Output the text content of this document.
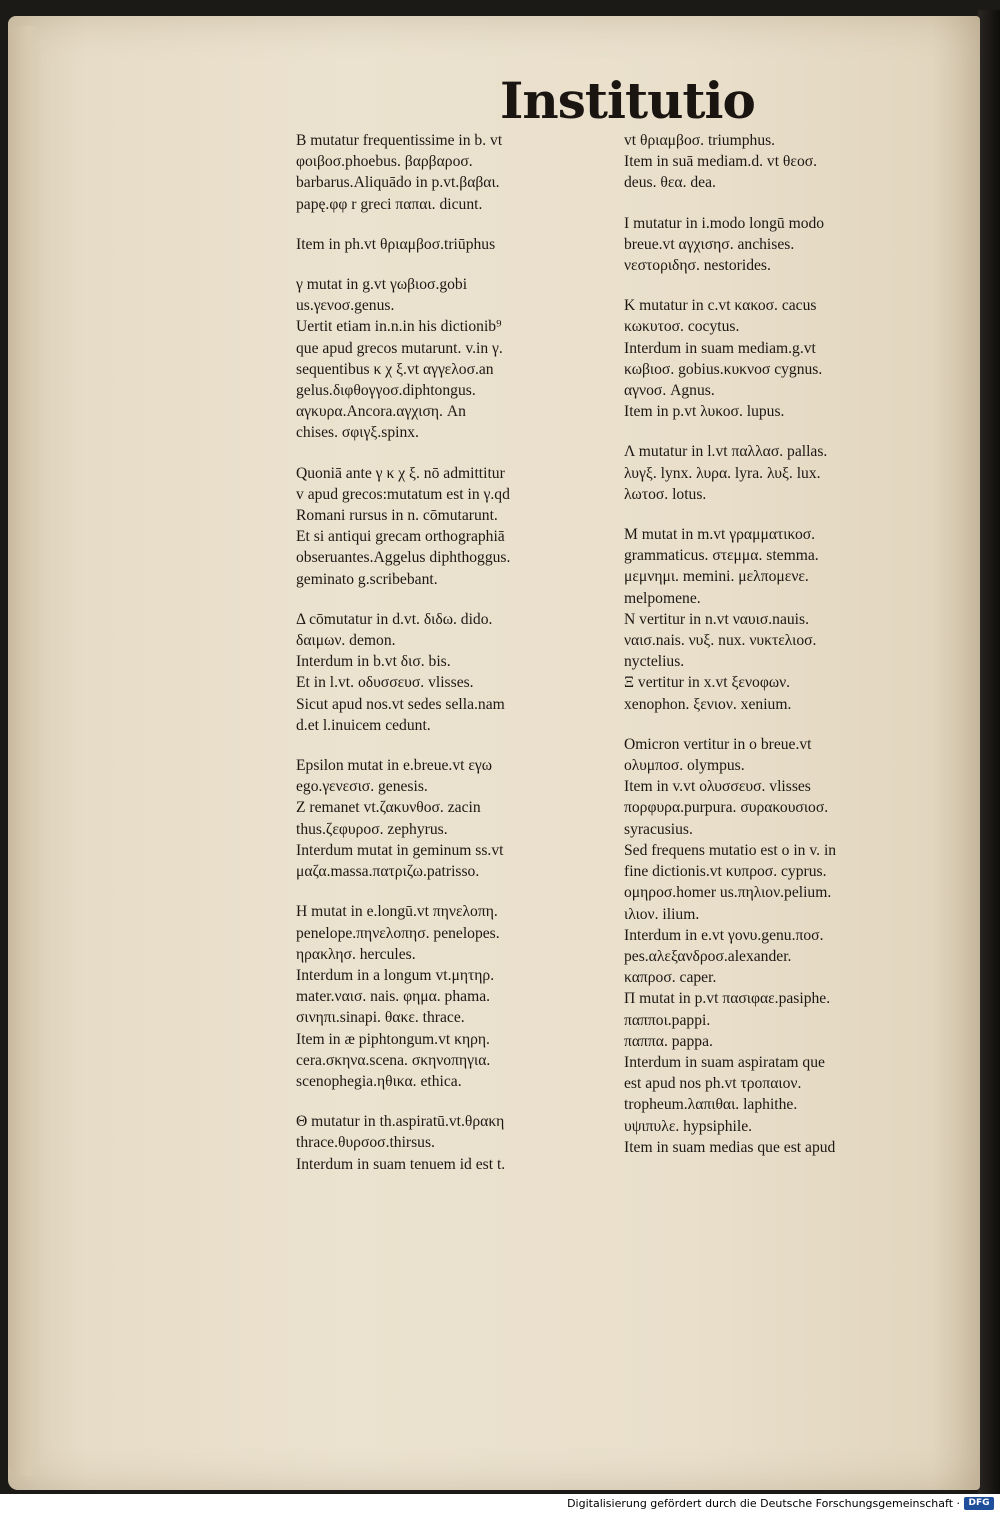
Institutio
B mutatur frequentissime in b. vt
φοιβοσ.phoebus. βαρβαροσ.
barbarus.Aliquādo in p.vt.βαβαι.
papę.φφ r greci παπαι. dicunt.
Item in ph.vt θριαμβοσ.triūphus
γ mutat in g.vt γωβιοσ.gobi
us.γενοσ.genus.
Uertit etiam in.n.in his dictionib⁹
que apud grecos mutarunt. v.in γ.
sequentibus κ χ ξ.vt αγγελοσ.an
gelus.διφθογγοσ.diphtongus.
αγκυρα.Ancora.αγχιση. An
chises. σφιγξ.spinx.
Quoniā ante γ κ χ ξ. nō admittitur
v apud grecos:mutatum est in γ.qd
Romani rursus in n. cōmutarunt.
Et si antiqui grecam orthographiā
obseruantes.Aggelus diphthoggus.
geminato g.scribebant.
Δ cōmutatur in d.vt. διδω. dido.
δαιμων. demon.
Interdum in b.vt δισ. bis.
Et in l.vt. οδυσσευσ. vlisses.
Sicut apud nos.vt sedes sella.nam
d.et l.inuicem cedunt.
Epsilon mutat in e.breue.vt εγω
ego.γενεσισ. genesis.
Z remanet vt.ζακυνθοσ. zacin
thus.ζεφυροσ. zephyrus.
Interdum mutat in geminum ss.vt
μαζα.massa.πατριζω.patrisso.
Η mutat in e.longū.vt πηνελοπη.
penelope.πηνελοπησ. penelopes.
ηρακλησ. hercules.
Interdum in a longum vt.μητηρ.
mater.ναισ. nais. φημα. phama.
σινηπι.sinapi. θακε. thrace.
Item in æ piphtongum.vt κηρη.
cera.σκηνα.scena. σκηνοπηγια.
scenophegia.ηθικα. ethica.
Θ mutatur in th.aspiratū.vt.θρακη
thrace.θυρσοσ.thirsus.
Interdum in suam tenuem id est t.
vt θριαμβοσ. triumphus.
Item in suā mediam.d. vt θεοσ.
deus. θεα. dea.
Ι mutatur in i.modo longū modo
breue.vt αγχισησ. anchises.
νεστοριδησ. nestorides.
Κ mutatur in c.vt κακοσ. cacus
κωκυτοσ. cocytus.
Interdum in suam mediam.g.vt
κωβιοσ. gobius.κυκνοσ cygnus.
αγνοσ. Agnus.
Item in p.vt λυκοσ. lupus.
Λ mutatur in l.vt παλλασ. pallas.
λυγξ. lynx. λυρα. lyra. λυξ. lux.
λωτοσ. lotus.
Μ mutat in m.vt γραμματικοσ.
grammaticus. στεμμα. stemma.
μεμνημι. memini. μελπομενε.
melpomene.
Ν vertitur in n.vt ναυισ.nauis.
ναισ.nais. νυξ. nux. νυκτελιοσ.
nyctelius.
Ξ vertitur in x.vt ξενοφων.
xenophon. ξενιον. xenium.
Omicron vertitur in o breue.vt
ολυμποσ. olympus.
Item in v.vt ολυσσευσ. vlisses
πορφυρα.purpura. συρακουσιοσ.
syracusius.
Sed frequens mutatio est o in v. in
fine dictionis.vt κυπροσ. cyprus.
ομηροσ.homer us.πηλιον.pelium.
ιλιον. ilium.
Interdum in e.vt γονυ.genu.ποσ.
pes.αλεξανδροσ.alexander.
καπροσ. caper.
Π mutat in p.vt πασιφαε.pasiphe.
παπποι.pappi.
παππα. pappa.
Interdum in suam aspiratam que
est apud nos ph.vt τροπαιον.
tropheum.λαπιθαι. laphithe.
υψιπυλε. hypsiphile.
Item in suam medias que est apud
Digitalisierung gefördert durch die Deutsche Forschungsgemeinschaft · DFG
